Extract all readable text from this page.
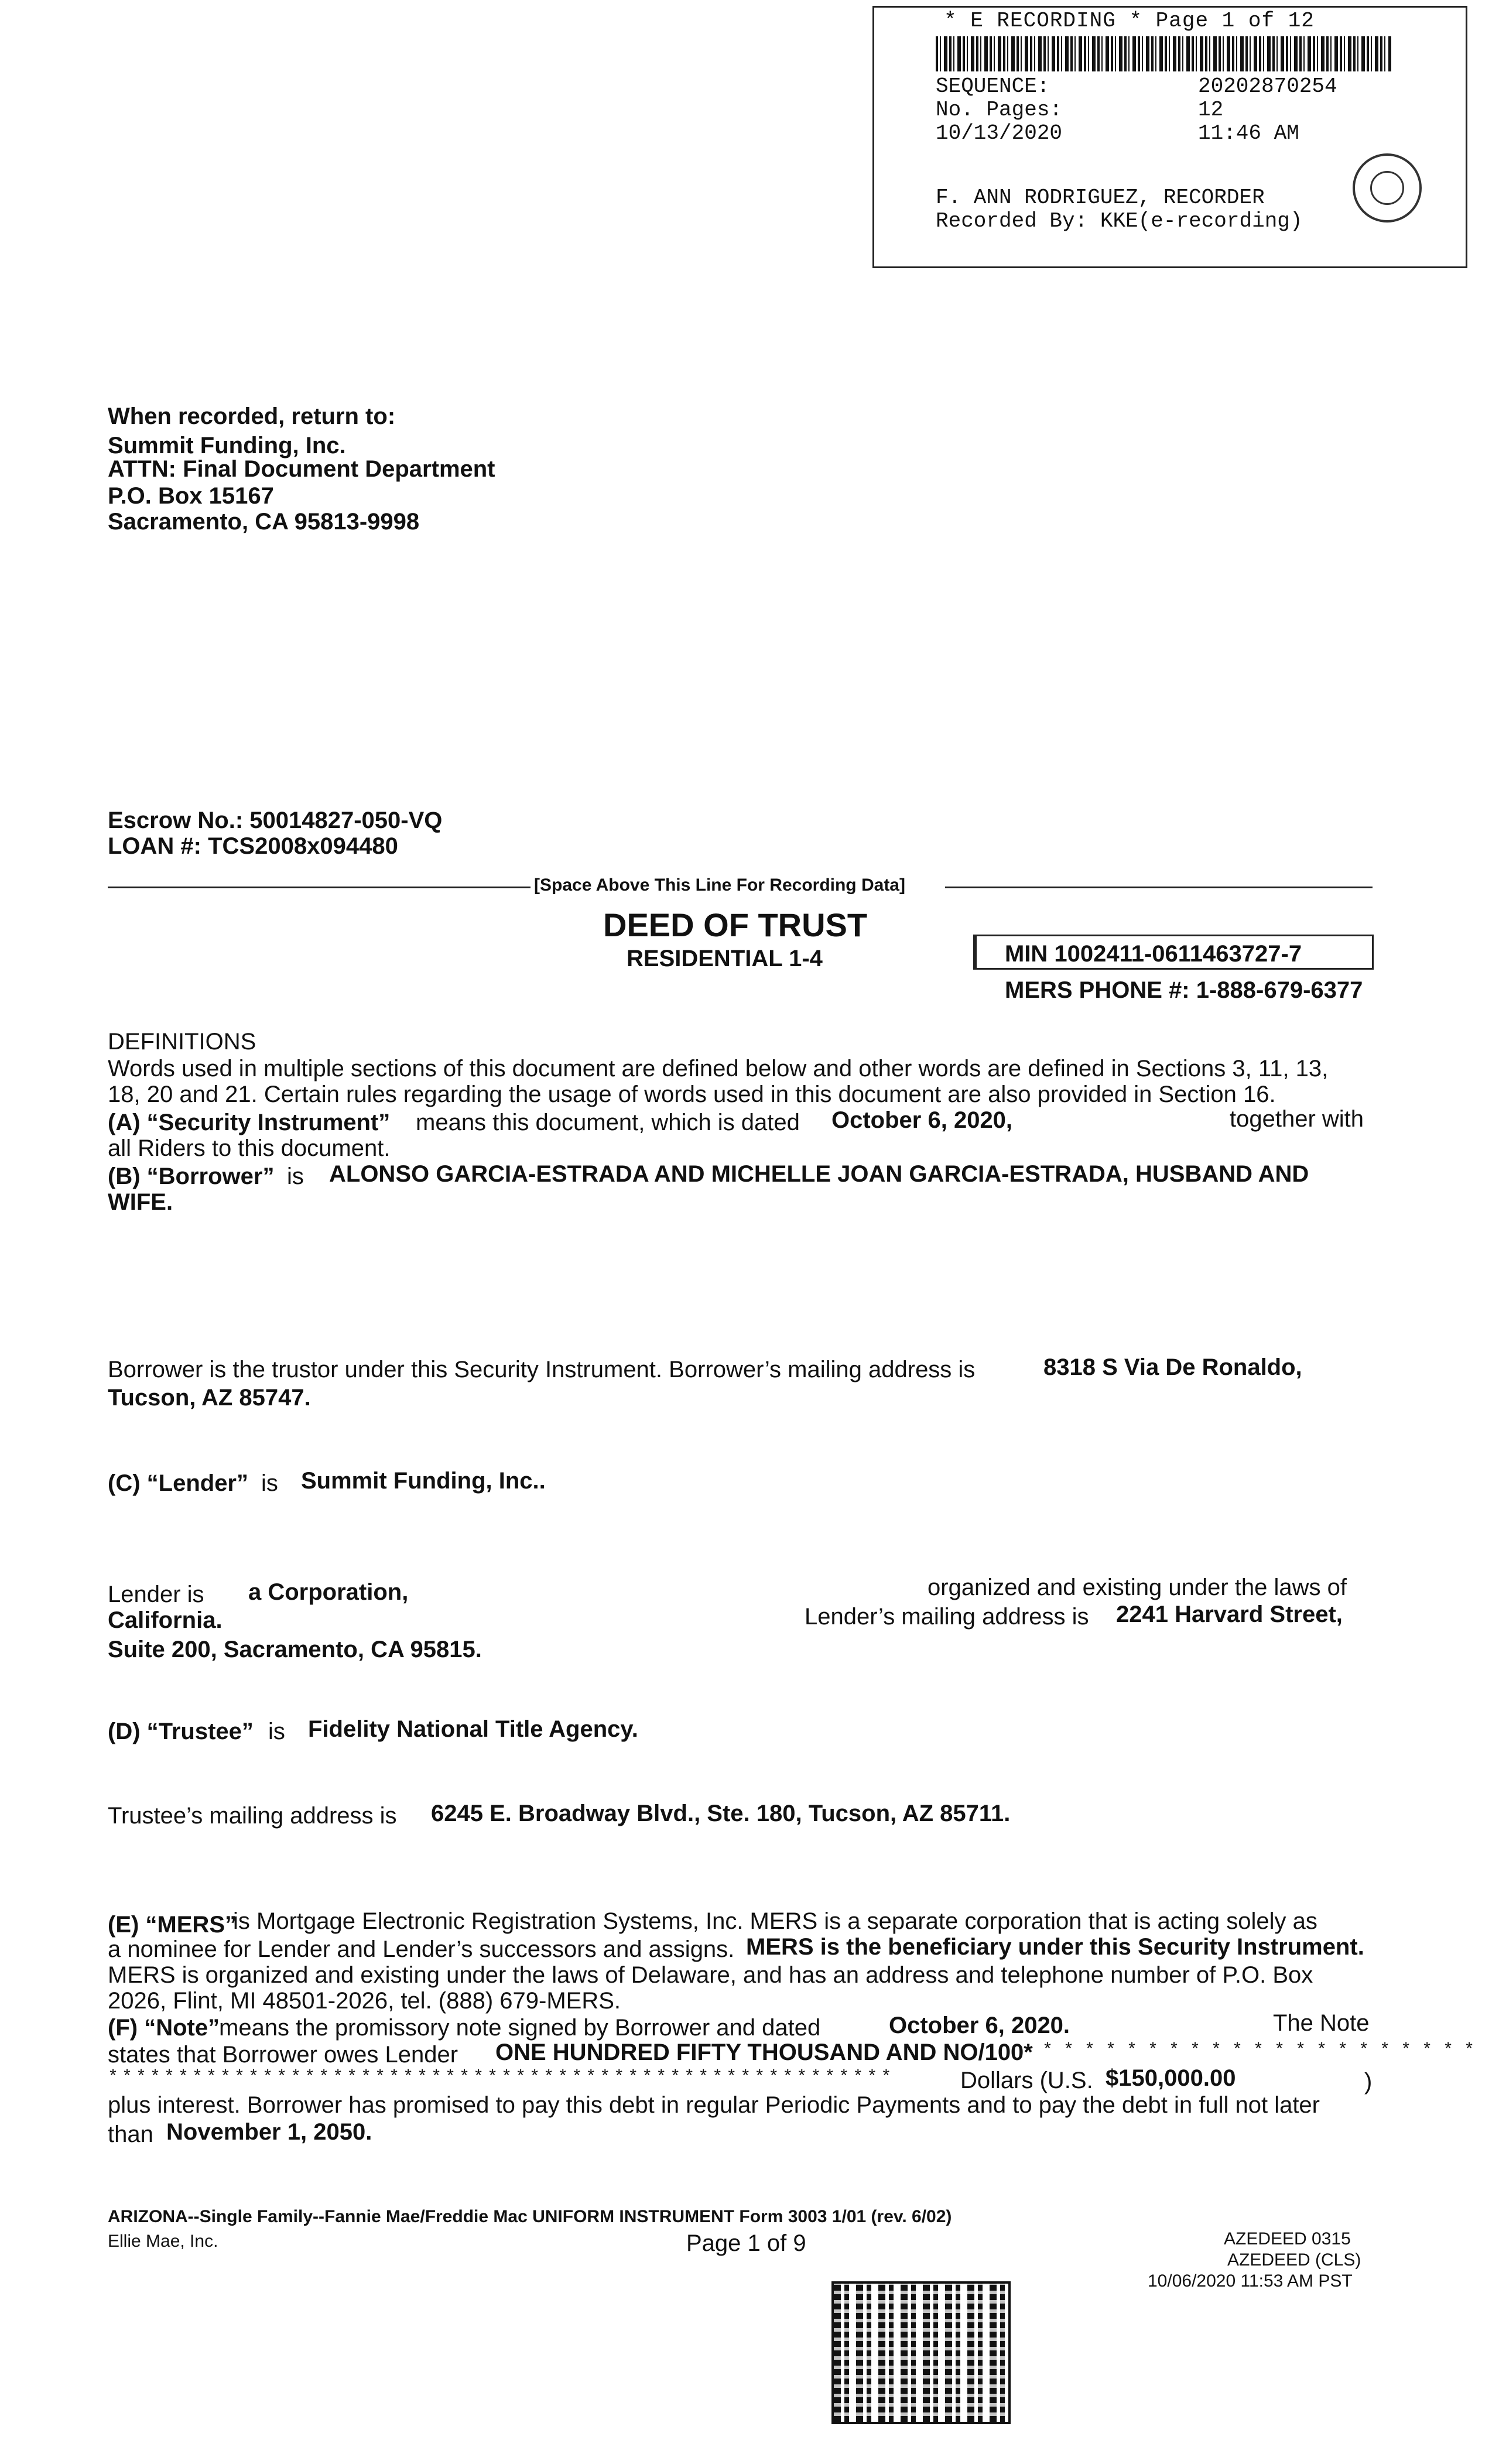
* E RECORDING * Page 1 of 12
SEQUENCE:	20202870254
No. Pages:	12
10/13/2020	11:46 AM
F. ANN RODRIGUEZ, RECORDER
Recorded By: KKE(e-recording)
When recorded, return to:
Summit Funding, Inc.
ATTN: Final Document Department
P.O. Box 15167
Sacramento, CA 95813-9998
Escrow No.: 50014827-050-VQ
LOAN #: TCS2008x094480
[Space Above This Line For Recording Data]
DEED OF TRUST
RESIDENTIAL 1-4	MIN 1002411-0611463727-7
MERS PHONE #: 1-888-679-6377
DEFINITIONS
Words used in multiple sections of this document are defined below and other words are defined in Sections 3, 11, 13,
18, 20 and 21. Certain rules regarding the usage of words used in this document are also provided in Section 16.
(A) “Security Instrument” means this document, which is dated October 6, 2020,	together with
all Riders to this document.
(B) “Borrower” is ALONSO GARCIA-ESTRADA AND MICHELLE JOAN GARCIA-ESTRADA, HUSBAND AND
WIFE.
Borrower is the trustor under this Security Instrument. Borrower’s mailing address is	8318 S Via De Ronaldo,
Tucson, AZ 85747.
(C) “Lender” is Summit Funding, Inc..
Lender is a Corporation,	organized and existing under the laws of
California.	Lender’s mailing address is 2241 Harvard Street,
Suite 200, Sacramento, CA 95815.
(D) “Trustee” is Fidelity National Title Agency.
Trustee’s mailing address is 6245 E. Broadway Blvd., Ste. 180, Tucson, AZ 85711.
(E) “MERS”
is Mortgage Electronic Registration Systems, Inc. MERS is a separate corporation that is acting solely as
a nominee for Lender and Lender’s successors and assigns. MERS is the beneficiary under this Security Instrument.
MERS is organized and existing under the laws of Delaware, and has an address and telephone number of P.O. Box
2026, Flint, MI 48501-2026, tel. (888) 679-MERS.
(F) “Note”
means the promissory note signed by Borrower and dated	October 6, 2020.	The Note
states that Borrower owes Lender ONE HUNDRED FIFTY THOUSAND AND NO/100* * * * * * * * * * * * * * * * * * * * * *
* * * * * * * * * * * * * * * * * * * * * * * * * * * * * * * * * * * * * * * * * * * * * * * * * * * * * * * *	Dollars (U.S. $150,000.00	)
plus interest. Borrower has promised to pay this debt in regular Periodic Payments and to pay the debt in full not later
than November 1, 2050.
ARIZONA--Single Family--Fannie Mae/Freddie Mac UNIFORM INSTRUMENT Form 3003 1/01 (rev. 6/02)
Ellie Mae, Inc.	Page 1 of 9	AZEDEED 0315
AZEDEED (CLS)
10/06/2020 11:53 AM PST
